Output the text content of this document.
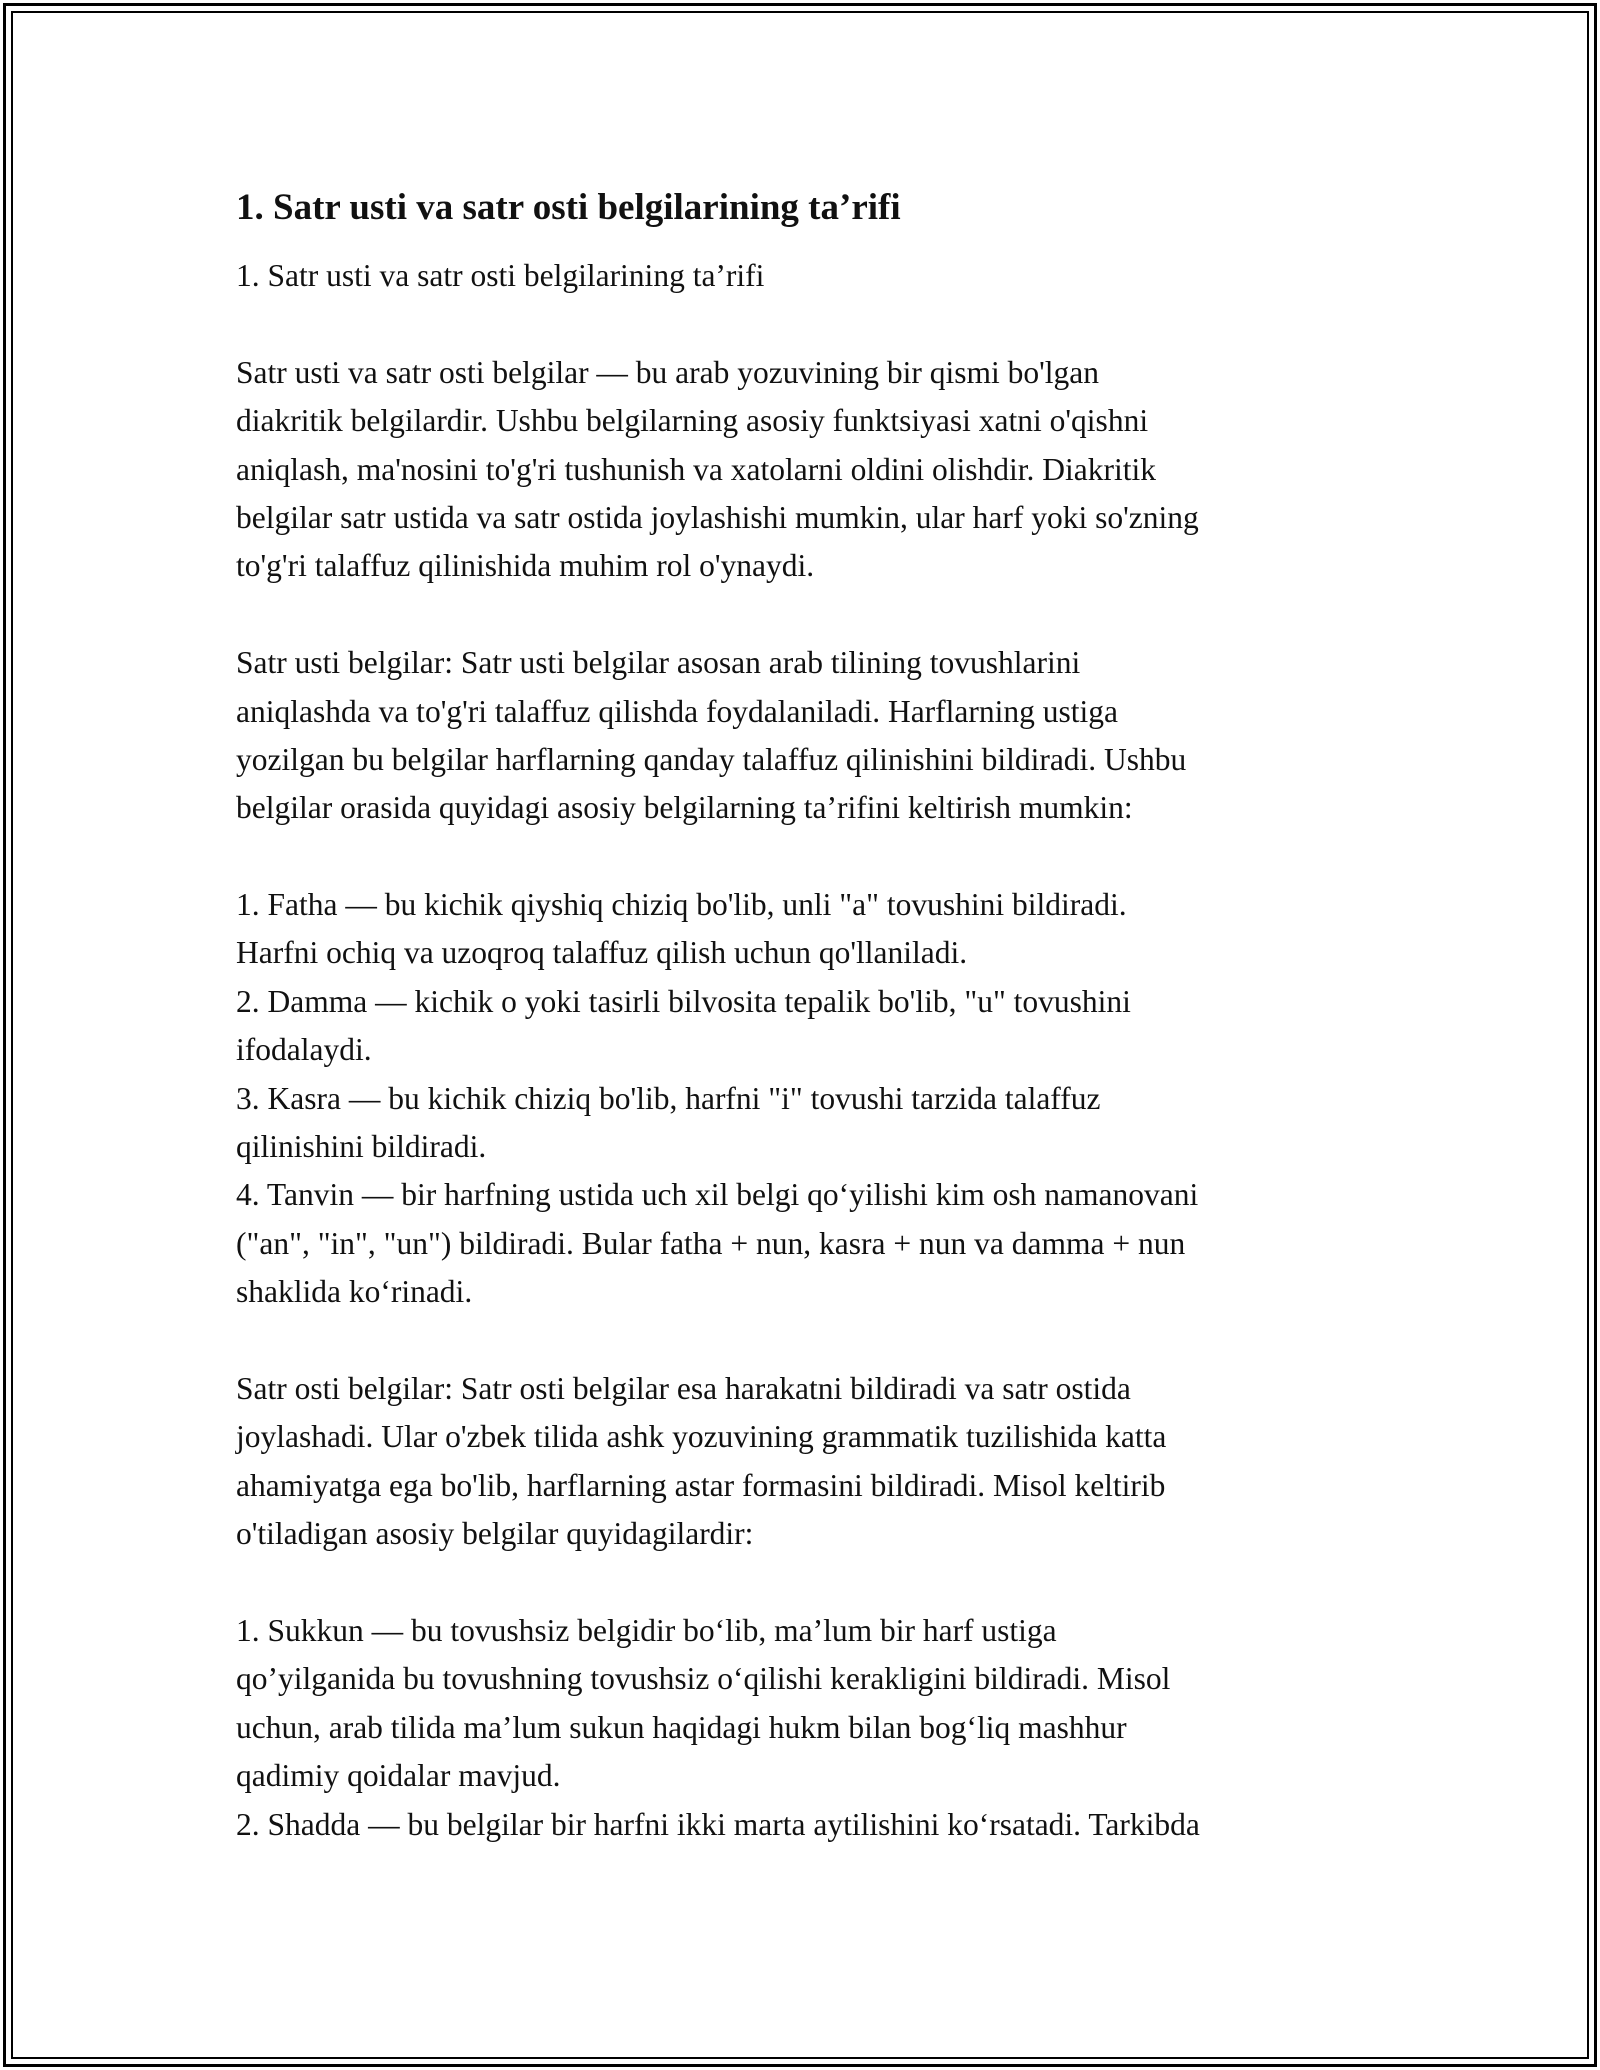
1. Satr usti va satr osti belgilarining ta’rifi
1. Satr usti va satr osti belgilarining ta’rifi
Satr usti va satr osti belgilar — bu arab yozuvining bir qismi bo'lgan
diakritik belgilardir. Ushbu belgilarning asosiy funktsiyasi xatni o'qishni
aniqlash, ma'nosini to'g'ri tushunish va xatolarni oldini olishdir. Diakritik
belgilar satr ustida va satr ostida joylashishi mumkin, ular harf yoki so'zning
to'g'ri talaffuz qilinishida muhim rol o'ynaydi.
Satr usti belgilar: Satr usti belgilar asosan arab tilining tovushlarini
aniqlashda va to'g'ri talaffuz qilishda foydalaniladi. Harflarning ustiga
yozilgan bu belgilar harflarning qanday talaffuz qilinishini bildiradi. Ushbu
belgilar orasida quyidagi asosiy belgilarning ta’rifini keltirish mumkin:
1. Fatha — bu kichik qiyshiq chiziq bo'lib, unli "a" tovushini bildiradi.
Harfni ochiq va uzoqroq talaffuz qilish uchun qo'llaniladi.
2. Damma — kichik o yoki tasirli bilvosita tepalik bo'lib, "u" tovushini
ifodalaydi.
3. Kasra — bu kichik chiziq bo'lib, harfni "i" tovushi tarzida talaffuz
qilinishini bildiradi.
4. Tanvin — bir harfning ustida uch xil belgi qo‘yilishi kim osh namanovani
("an", "in", "un") bildiradi. Bular fatha + nun, kasra + nun va damma + nun
shaklida ko‘rinadi.
Satr osti belgilar: Satr osti belgilar esa harakatni bildiradi va satr ostida
joylashadi. Ular o'zbek tilida ashk yozuvining grammatik tuzilishida katta
ahamiyatga ega bo'lib, harflarning astar formasini bildiradi. Misol keltirib
o'tiladigan asosiy belgilar quyidagilardir:
1. Sukkun — bu tovushsiz belgidir bo‘lib, ma’lum bir harf ustiga
qo’yilganida bu tovushning tovushsiz o‘qilishi kerakligini bildiradi. Misol
uchun, arab tilida ma’lum sukun haqidagi hukm bilan bog‘liq mashhur
qadimiy qoidalar mavjud.
2. Shadda — bu belgilar bir harfni ikki marta aytilishini ko‘rsatadi. Tarkibda
